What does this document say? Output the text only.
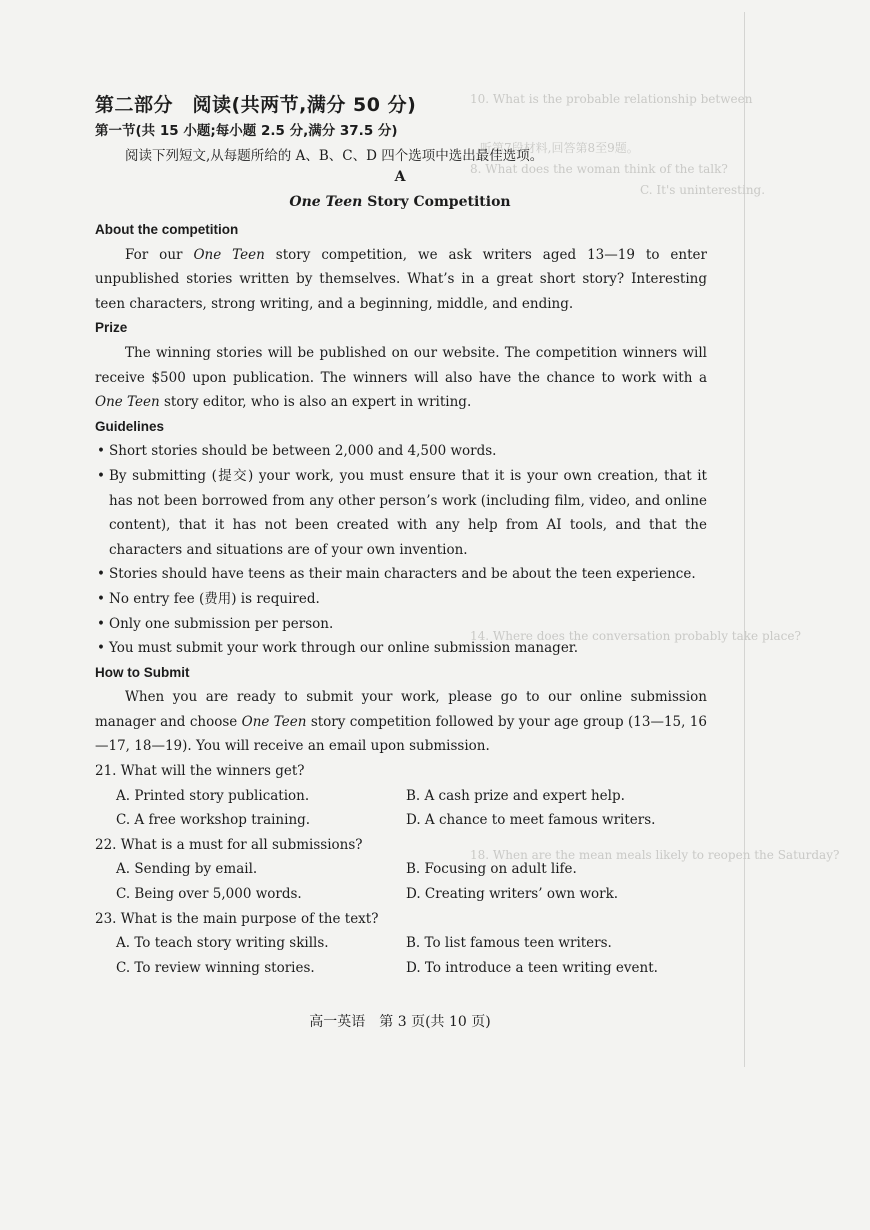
10. What is the probable relationship between
听第7段材料,回答第8至9题。
8. What does the woman think of the talk?
C. It's uninteresting.
14. Where does the conversation probably take place?
18. When are the mean meals likely to reopen the Saturday?
第二部分　阅读(共两节,满分 50 分)
第一节(共 15 小题;每小题 2.5 分,满分 37.5 分)
阅读下列短文,从每题所给的 A、B、C、D 四个选项中选出最佳选项。
A
One Teen Story Competition
About the competition
For our One Teen story competition, we ask writers aged 13—19 to enter unpublished stories written by themselves. What’s in a great short story? Interesting teen characters, strong writing, and a beginning, middle, and ending.
Prize
The winning stories will be published on our website. The competition winners will receive $500 upon publication. The winners will also have the chance to work with a One Teen story editor, who is also an expert in writing.
Guidelines
• Short stories should be between 2,000 and 4,500 words.
• By submitting (提交) your work, you must ensure that it is your own creation, that it has not been borrowed from any other person’s work (including film, video, and online content), that it has not been created with any help from AI tools, and that the characters and situations are of your own invention.
• Stories should have teens as their main characters and be about the teen experience.
• No entry fee (费用) is required.
• Only one submission per person.
• You must submit your work through our online submission manager.
How to Submit
When you are ready to submit your work, please go to our online submission manager and choose One Teen story competition followed by your age group (13—15, 16—17, 18—19). You will receive an email upon submission.
21. What will the winners get?
A. Printed story publication.	B. A cash prize and expert help.
C. A free workshop training.	D. A chance to meet famous writers.
22. What is a must for all submissions?
A. Sending by email.	B. Focusing on adult life.
C. Being over 5,000 words.	D. Creating writers’ own work.
23. What is the main purpose of the text?
A. To teach story writing skills.	B. To list famous teen writers.
C. To review winning stories.	D. To introduce a teen writing event.
高一英语　第 3 页(共 10 页)
